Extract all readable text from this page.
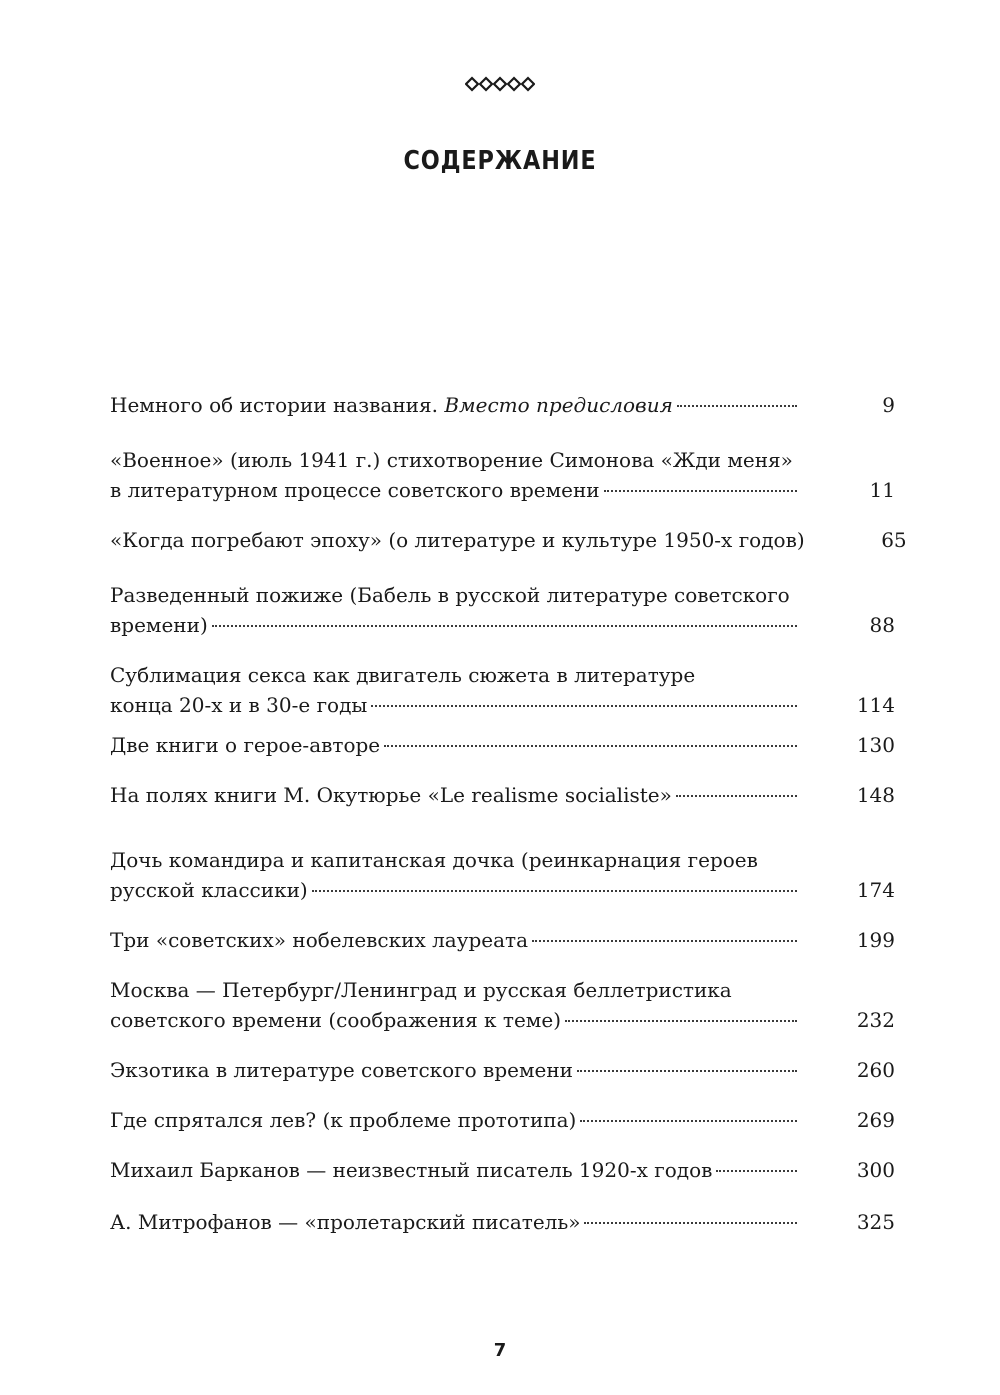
СОДЕРЖАНИЕ
Немного об истории названия. Вместо предисловия	9
«Военное» (июль 1941 г.) стихотворение Симонова «Жди меня»
в литературном процессе советского времени	11
«Когда погребают эпоху» (о литературе и культуре 1950-х годов)	65
Разведенный пожиже (Бабель в русской литературе советского
времени)	88
Сублимация секса как двигатель сюжета в литературе
конца 20-х и в 30-е годы	114
Две книги о герое-авторе	130
На полях книги М. Окутюрье «Le realisme socialiste»	148
Дочь командира и капитанская дочка (реинкарнация героев
русской классики)	174
Три «советских» нобелевских лауреата	199
Москва — Петербург/Ленинград и русская беллетристика
советского времени (соображения к теме)	232
Экзотика в литературе советского времени	260
Где спрятался лев? (к проблеме прототипа)	269
Михаил Барканов — неизвестный писатель 1920-х годов	300
А. Митрофанов — «пролетарский писатель»	325
7
